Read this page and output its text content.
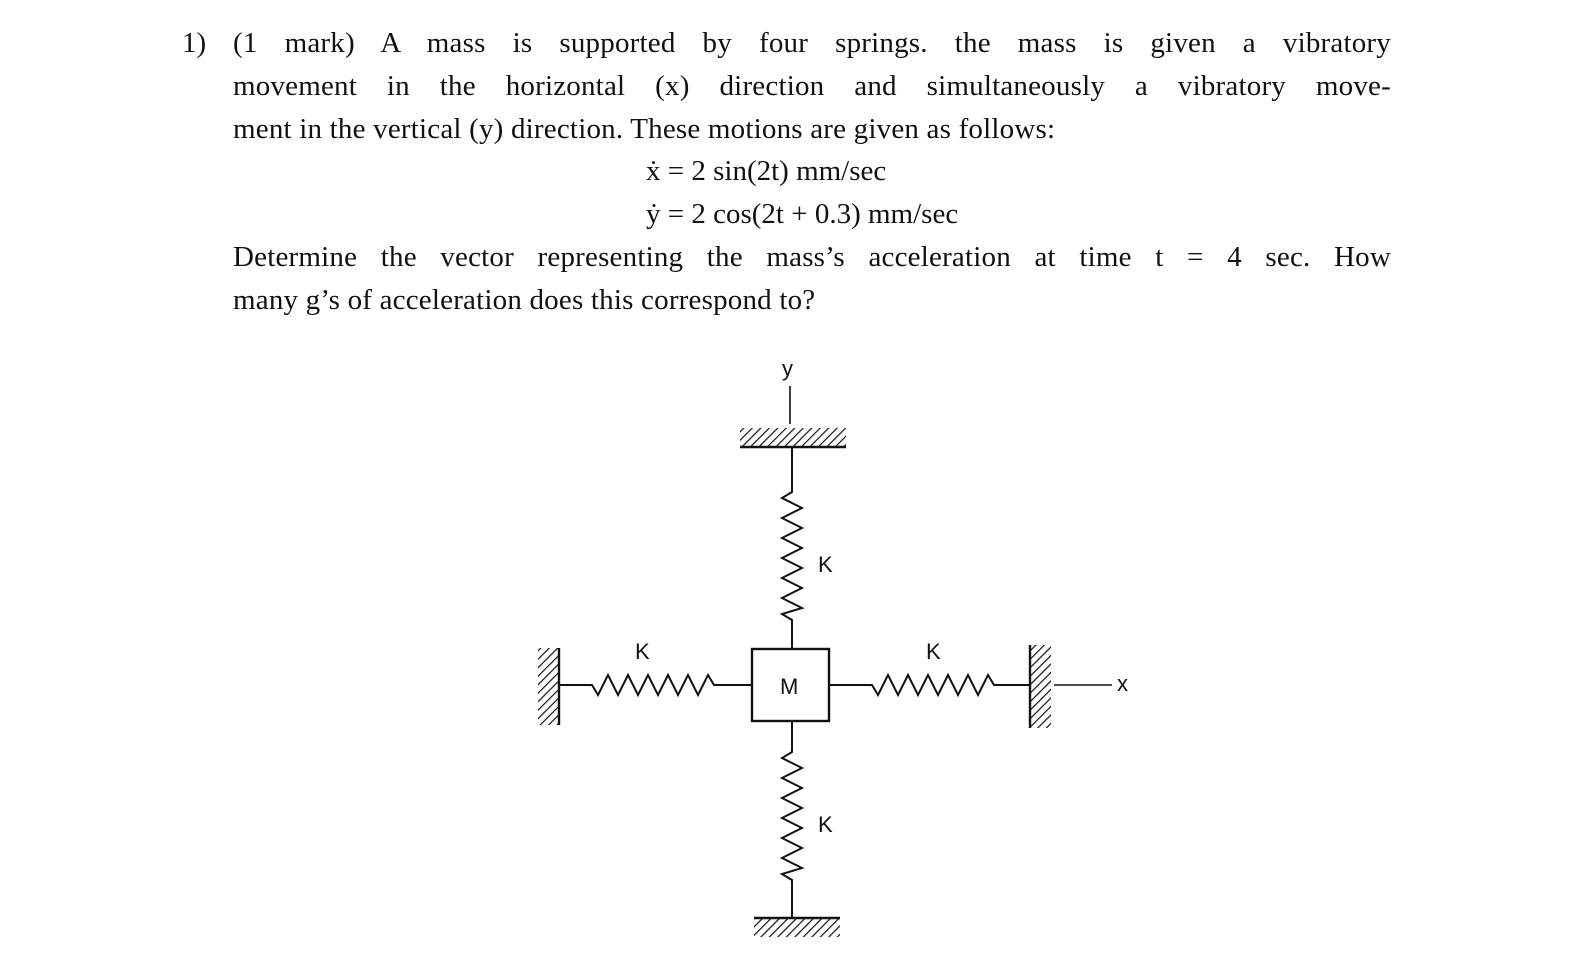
1) (1 mark) A mass is supported by four springs. the mass is given a vibratory
movement in the horizontal (x) direction and simultaneously a vibratory move-
ment in the vertical (y) direction. These motions are given as follows:
ẋ = 2 sin(2t) mm/sec
ẏ = 2 cos(2t + 0.3) mm/sec
Determine the vector representing the mass’s acceleration at time t = 4 sec. How
many g’s of acceleration does this correspond to?
y
K
M
K
K	K
x
